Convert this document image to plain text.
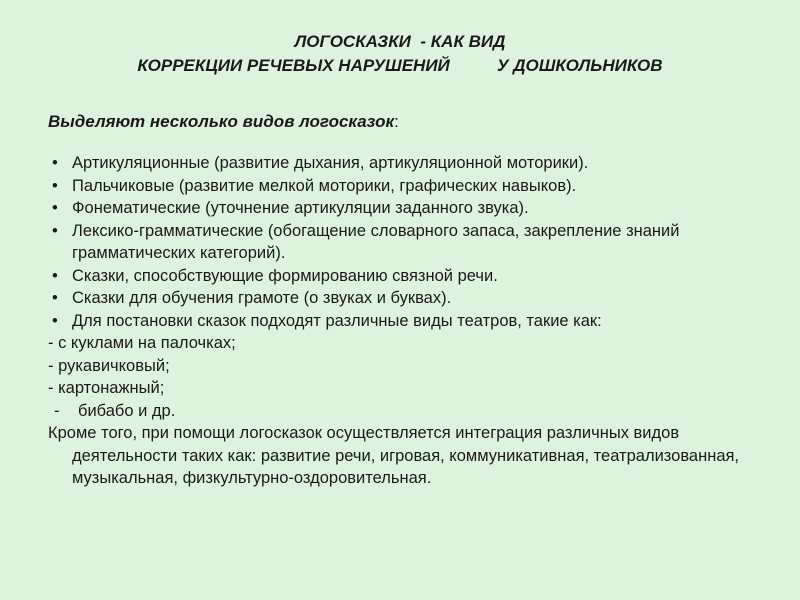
ЛОГОСКАЗКИ  - КАК ВИД
КОРРЕКЦИИ РЕЧЕВЫХ НАРУШЕНИЙ          У ДОШКОЛЬНИКОВ
Выделяют несколько видов логосказок:
• Артикуляционные (развитие дыхания, артикуляционной моторики).
• Пальчиковые (развитие мелкой моторики, графических навыков).
• Фонематические (уточнение артикуляции заданного звука).
• Лексико-грамматические (обогащение словарного запаса, закрепление знаний грамматических категорий).
• Сказки, способствующие формированию связной речи.
• Сказки для обучения грамоте (о звуках и буквах).
• Для постановки сказок подходят различные виды театров, такие как:
- с куклами на палочках;
- рукавичковый;
- картонажный;
- бибабо и др.

Кроме того, при помощи логосказок осуществляется интеграция различных видов деятельности таких как: развитие речи, игровая, коммуникативная, театрализованная, музыкальная, физкультурно-оздоровительная.
